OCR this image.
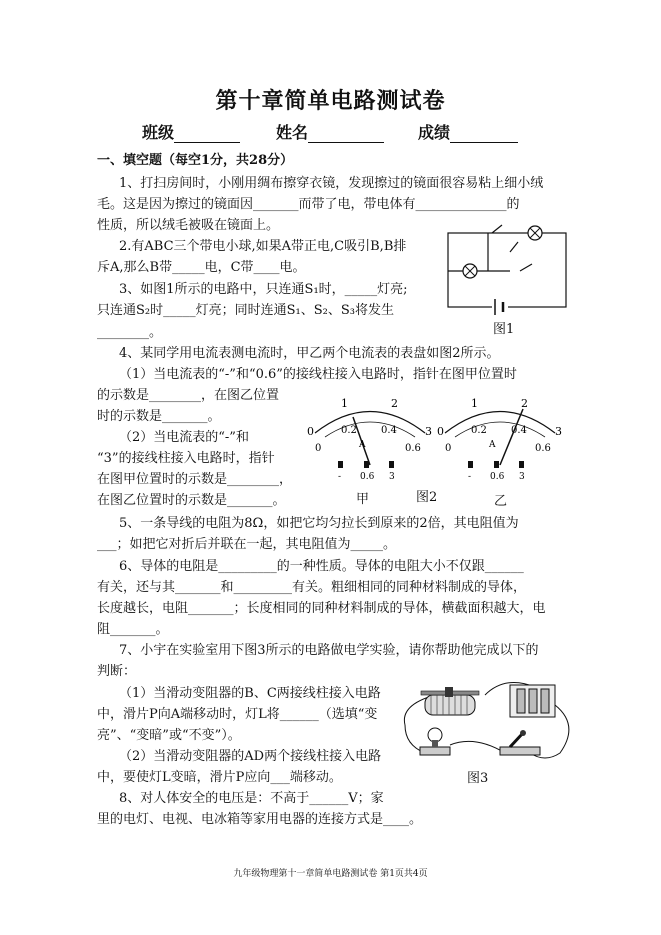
第十章简单电路测试卷
班级	姓名	成绩
一、填空题（每空1分，共28分）
1、打扫房间时，小刚用绸布擦穿衣镜，发现擦过的镜面很容易粘上细小绒
毛。这是因为擦过的镜面因_______而带了电，带电体有______________的
性质，所以绒毛被吸在镜面上。
2.有ABC三个带电小球,如果A带正电,C吸引B,B排
斥A,那么B带_____电，C带____电。
3、如图1所示的电路中，只连通S₁时，_____灯亮;
只连通S₂时_____灯亮；同时连通S₁、S₂、S₃将发生
________。
4、某同学用电流表测电流时，甲乙两个电流表的表盘如图2所示。
（1）当电流表的“-”和“0.6”的接线柱接入电路时，指针在图甲位置时
的示数是________，在图乙位置
时的示数是_______。
（2）当电流表的“-”和
“3”的接线柱接入电路时，指针
在图甲位置时的示数是________，
在图乙位置时的示数是_______。
5、一条导线的电阻为8Ω，如把它均匀拉长到原来的2倍，其电阻值为
___；如把它对折后并联在一起，其电阻值为_____。
6、导体的电阻是_________的一种性质。导体的电阻大小不仅跟______
有关，还与其_______和_________有关。粗细相同的同种材料制成的导体，
长度越长，电阻_______；长度相同的同种材料制成的导体，横截面积越大，电
阻_______。
7、小宇在实验室用下图3所示的电路做电学实验，请你帮助他完成以下的
判断：
（1）当滑动变阻器的B、C两接线柱接入电路
中，滑片P向A端移动时，灯L将______（选填“变
亮”、“变暗”或“不变”）。
（2）当滑动变阻器的AD两个接线柱接入电路
中，要使灯L变暗，滑片P应向___端移动。
8、对人体安全的电压是：不高于______V；家
里的电灯、电视、电冰箱等家用电器的连接方式是____。
图1
0
1	2
3
0
0.2 0.4
0.6
A
- 0.6 3
0
1	2
3
0
0.2 0.4
0.6
A
- 0.6 3
甲	图2	乙
图3
九年级物理第十一章简单电路测试卷 第1页共4页
